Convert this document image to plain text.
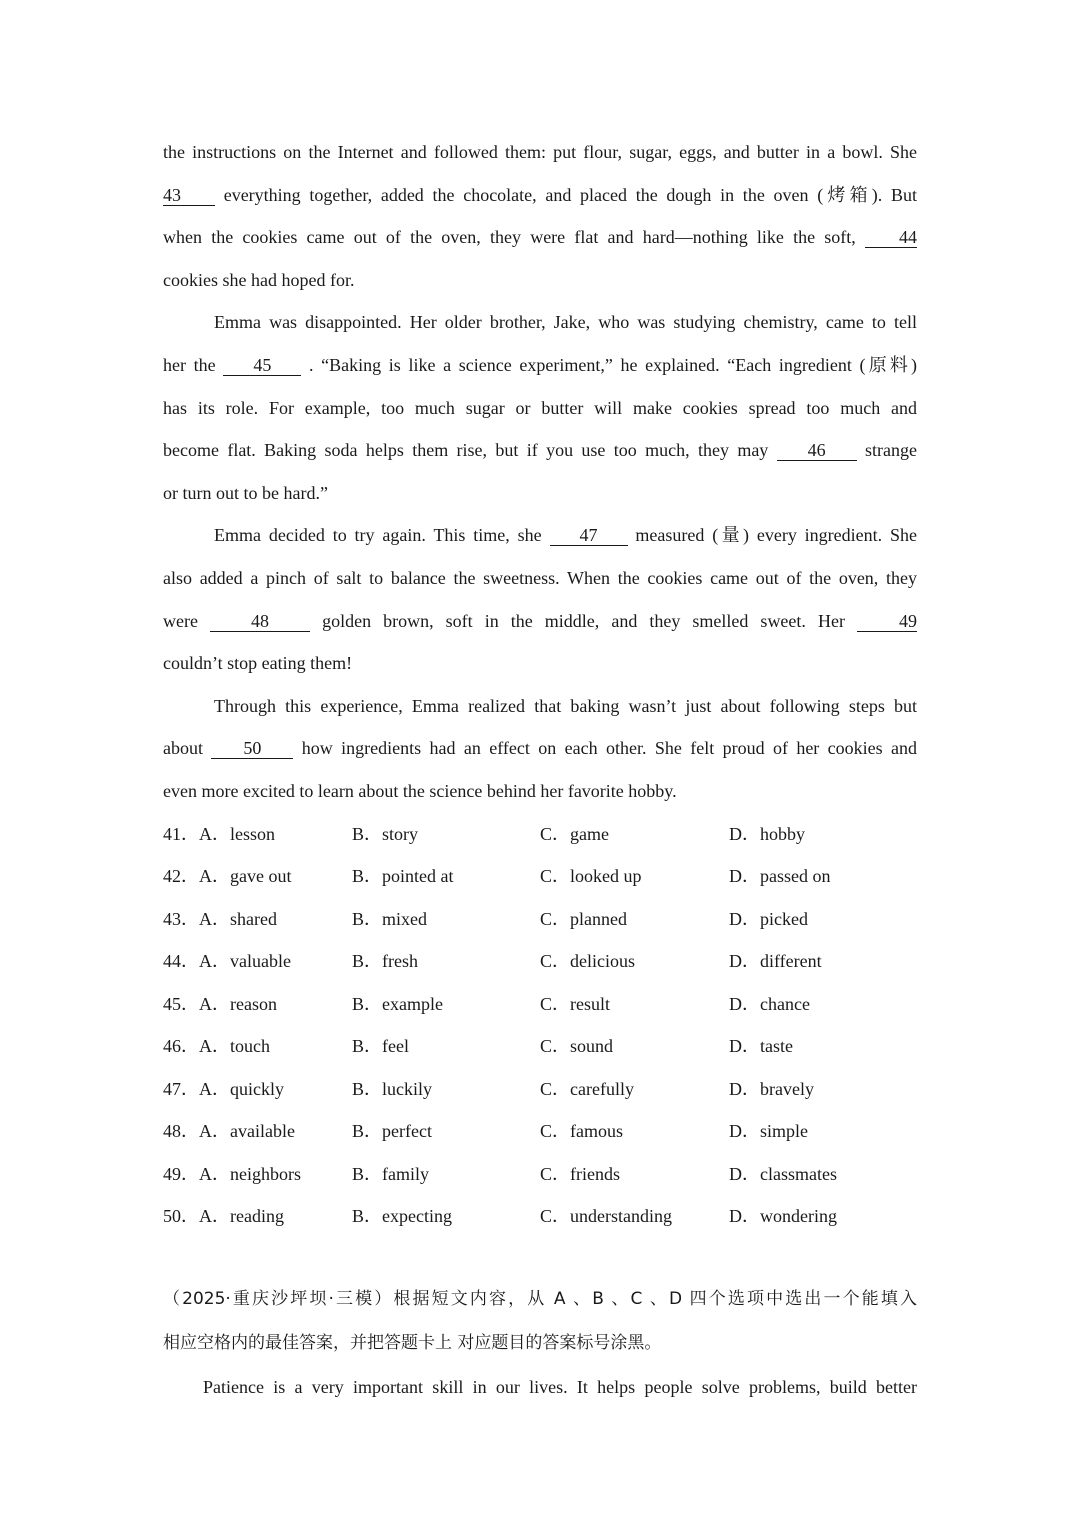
the instructions on the Internet and followed them: put flour, sugar, eggs, and butter in a bowl. She
43 everything together, added the chocolate, and placed the dough in the oven (烤箱). But
when the cookies came out of the oven, they were flat and hard—nothing like the soft, 44
cookies she had hoped for.
Emma was disappointed. Her older brother, Jake, who was studying chemistry, came to tell
her the 45 . “Baking is like a science experiment,” he explained. “Each ingredient (原料)
has its role. For example, too much sugar or butter will make cookies spread too much and
become flat. Baking soda helps them rise, but if you use too much, they may 46 strange
or turn out to be hard.”
Emma decided to try again. This time, she 47 measured (量) every ingredient. She
also added a pinch of salt to balance the sweetness. When the cookies came out of the oven, they
were	48	golden brown, soft in the middle, and they smelled sweet. Her	49
couldn’t stop eating them!
Through this experience, Emma realized that baking wasn’t just about following steps but
about 50 how ingredients had an effect on each other. She felt proud of her cookies and
even more excited to learn about the science behind her favorite hobby.
41．A．lesson	B．story	C．game	D．hobby
42．A．gave out	B．pointed at	C．looked up	D．passed on
43．A．shared	B．mixed	C．planned	D．picked
44．A．valuable	B．fresh	C．delicious	D．different
45．A．reason	B．example	C．result	D．chance
46．A．touch	B．feel	C．sound	D．taste
47．A．quickly	B．luckily	C．carefully	D．bravely
48．A．available	B．perfect	C．famous	D．simple
49．A．neighbors	B．family	C．friends	D．classmates
50．A．reading	B．expecting	C．understanding	D．wondering
（2025·重庆沙坪坝·三模）根据短文内容，从 A 、B 、C 、D 四个选项中选出一个能填入
相应空格内的最佳答案，并把答题卡上 对应题目的答案标号涂黑。
Patience is a very important skill in our lives. It helps people solve problems, build better
